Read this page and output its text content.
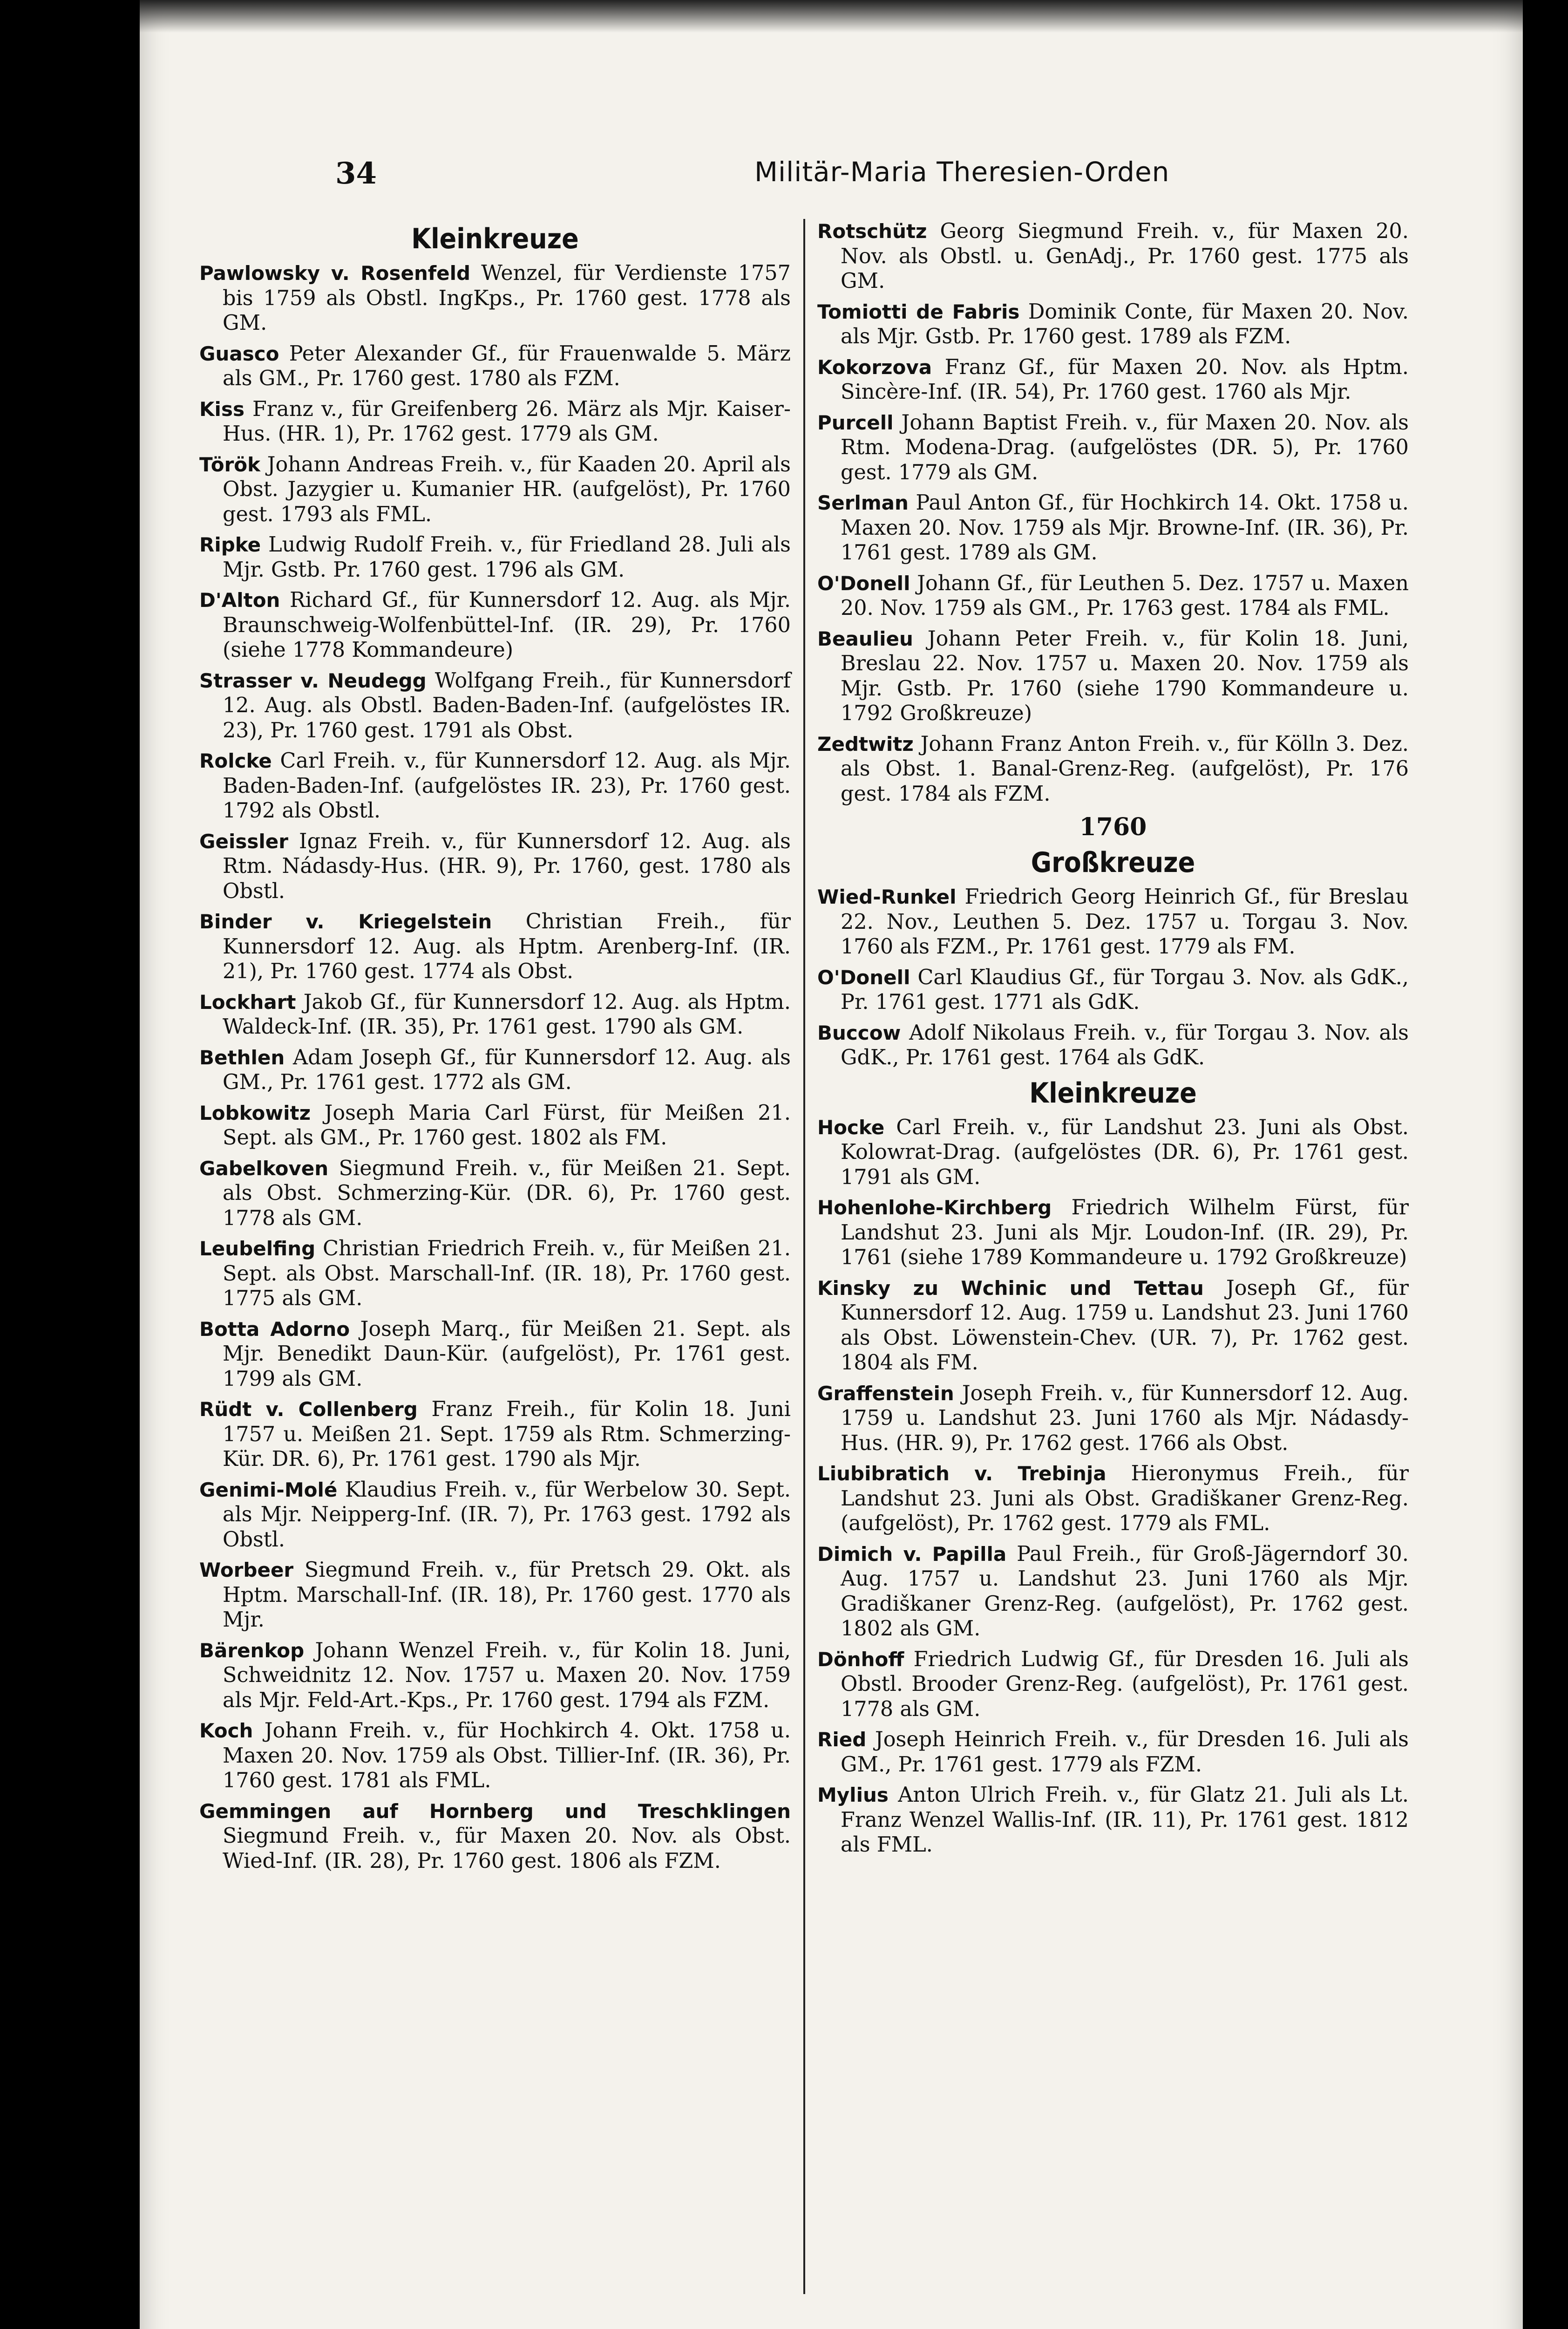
34	Militär-Maria Theresien-Orden
Kleinkreuze

Pawlowsky v. Rosenfeld Wenzel, für Verdienste 1757 bis 1759 als Obstl. IngKps., Pr. 1760 gest. 1778 als GM.

Guasco Peter Alexander Gf., für Frauenwalde 5. März als GM., Pr. 1760 gest. 1780 als FZM.

Kiss Franz v., für Greifenberg 26. März als Mjr. Kaiser-Hus. (HR. 1), Pr. 1762 gest. 1779 als GM.

Török Johann Andreas Freih. v., für Kaaden 20. April als Obst. Jazygier u. Kumanier HR. (aufgelöst), Pr. 1760 gest. 1793 als FML.

Ripke Ludwig Rudolf Freih. v., für Friedland 28. Juli als Mjr. Gstb. Pr. 1760 gest. 1796 als GM.

D'Alton Richard Gf., für Kunnersdorf 12. Aug. als Mjr. Braunschweig-Wolfenbüttel-Inf. (IR. 29), Pr. 1760 (siehe 1778 Kommandeure)

Strasser v. Neudegg Wolfgang Freih., für Kunnersdorf 12. Aug. als Obstl. Baden-Baden-Inf. (aufgelöstes IR. 23), Pr. 1760 gest. 1791 als Obst.

Rolcke Carl Freih. v., für Kunnersdorf 12. Aug. als Mjr. Baden-Baden-Inf. (aufgelöstes IR. 23), Pr. 1760 gest. 1792 als Obstl.

Geissler Ignaz Freih. v., für Kunnersdorf 12. Aug. als Rtm. Nádasdy-Hus. (HR. 9), Pr. 1760, gest. 1780 als Obstl.

Binder v. Kriegelstein Christian Freih., für Kunnersdorf 12. Aug. als Hptm. Arenberg-Inf. (IR. 21), Pr. 1760 gest. 1774 als Obst.

Lockhart Jakob Gf., für Kunnersdorf 12. Aug. als Hptm. Waldeck-Inf. (IR. 35), Pr. 1761 gest. 1790 als GM.

Bethlen Adam Joseph Gf., für Kunnersdorf 12. Aug. als GM., Pr. 1761 gest. 1772 als GM.

Lobkowitz Joseph Maria Carl Fürst, für Meißen 21. Sept. als GM., Pr. 1760 gest. 1802 als FM.

Gabelkoven Siegmund Freih. v., für Meißen 21. Sept. als Obst. Schmerzing-Kür. (DR. 6), Pr. 1760 gest. 1778 als GM.

Leubelfing Christian Friedrich Freih. v., für Meißen 21. Sept. als Obst. Marschall-Inf. (IR. 18), Pr. 1760 gest. 1775 als GM.

Botta Adorno Joseph Marq., für Meißen 21. Sept. als Mjr. Benedikt Daun-Kür. (aufgelöst), Pr. 1761 gest. 1799 als GM.

Rüdt v. Collenberg Franz Freih., für Kolin 18. Juni 1757 u. Meißen 21. Sept. 1759 als Rtm. Schmerzing-Kür. DR. 6), Pr. 1761 gest. 1790 als Mjr.

Genimi-Molé Klaudius Freih. v., für Werbelow 30. Sept. als Mjr. Neipperg-Inf. (IR. 7), Pr. 1763 gest. 1792 als Obstl.

Worbeer Siegmund Freih. v., für Pretsch 29. Okt. als Hptm. Marschall-Inf. (IR. 18), Pr. 1760 gest. 1770 als Mjr.

Bärenkop Johann Wenzel Freih. v., für Kolin 18. Juni, Schweidnitz 12. Nov. 1757 u. Maxen 20. Nov. 1759 als Mjr. Feld-Art.-Kps., Pr. 1760 gest. 1794 als FZM.

Koch Johann Freih. v., für Hochkirch 4. Okt. 1758 u. Maxen 20. Nov. 1759 als Obst. Tillier-Inf. (IR. 36), Pr. 1760 gest. 1781 als FML.

Gemmingen auf Hornberg und Treschklingen Siegmund Freih. v., für Maxen 20. Nov. als Obst. Wied-Inf. (IR. 28), Pr. 1760 gest. 1806 als FZM.

Rotschütz Georg Siegmund Freih. v., für Maxen 20. Nov. als Obstl. u. GenAdj., Pr. 1760 gest. 1775 als GM.

Tomiotti de Fabris Dominik Conte, für Maxen 20. Nov. als Mjr. Gstb. Pr. 1760 gest. 1789 als FZM.

Kokorzova Franz Gf., für Maxen 20. Nov. als Hptm. Sincère-Inf. (IR. 54), Pr. 1760 gest. 1760 als Mjr.

Purcell Johann Baptist Freih. v., für Maxen 20. Nov. als Rtm. Modena-Drag. (aufgelöstes (DR. 5), Pr. 1760 gest. 1779 als GM.

Serlman Paul Anton Gf., für Hochkirch 14. Okt. 1758 u. Maxen 20. Nov. 1759 als Mjr. Browne-Inf. (IR. 36), Pr. 1761 gest. 1789 als GM.

O'Donell Johann Gf., für Leuthen 5. Dez. 1757 u. Maxen 20. Nov. 1759 als GM., Pr. 1763 gest. 1784 als FML.

Beaulieu Johann Peter Freih. v., für Kolin 18. Juni, Breslau 22. Nov. 1757 u. Maxen 20. Nov. 1759 als Mjr. Gstb. Pr. 1760 (siehe 1790 Kommandeure u. 1792 Großkreuze)

Zedtwitz Johann Franz Anton Freih. v., für Kölln 3. Dez. als Obst. 1. Banal-Grenz-Reg. (aufgelöst), Pr. 176 gest. 1784 als FZM.

1760
Großkreuze

Wied-Runkel Friedrich Georg Heinrich Gf., für Breslau 22. Nov., Leuthen 5. Dez. 1757 u. Torgau 3. Nov. 1760 als FZM., Pr. 1761 gest. 1779 als FM.

O'Donell Carl Klaudius Gf., für Torgau 3. Nov. als GdK., Pr. 1761 gest. 1771 als GdK.

Buccow Adolf Nikolaus Freih. v., für Torgau 3. Nov. als GdK., Pr. 1761 gest. 1764 als GdK.

Kleinkreuze

Hocke Carl Freih. v., für Landshut 23. Juni als Obst. Kolowrat-Drag. (aufgelöstes (DR. 6), Pr. 1761 gest. 1791 als GM.

Hohenlohe-Kirchberg Friedrich Wilhelm Fürst, für Landshut 23. Juni als Mjr. Loudon-Inf. (IR. 29), Pr. 1761 (siehe 1789 Kommandeure u. 1792 Großkreuze)

Kinsky zu Wchinic und Tettau Joseph Gf., für Kunnersdorf 12. Aug. 1759 u. Landshut 23. Juni 1760 als Obst. Löwenstein-Chev. (UR. 7), Pr. 1762 gest. 1804 als FM.

Graffenstein Joseph Freih. v., für Kunnersdorf 12. Aug. 1759 u. Landshut 23. Juni 1760 als Mjr. Nádasdy-Hus. (HR. 9), Pr. 1762 gest. 1766 als Obst.

Liubibratich v. Trebinja Hieronymus Freih., für Landshut 23. Juni als Obst. Gradiškaner Grenz-Reg. (aufgelöst), Pr. 1762 gest. 1779 als FML.

Dimich v. Papilla Paul Freih., für Groß-Jägerndorf 30. Aug. 1757 u. Landshut 23. Juni 1760 als Mjr. Gradiškaner Grenz-Reg. (aufgelöst), Pr. 1762 gest. 1802 als GM.

Dönhoff Friedrich Ludwig Gf., für Dresden 16. Juli als Obstl. Brooder Grenz-Reg. (aufgelöst), Pr. 1761 gest. 1778 als GM.

Ried Joseph Heinrich Freih. v., für Dresden 16. Juli als GM., Pr. 1761 gest. 1779 als FZM.

Mylius Anton Ulrich Freih. v., für Glatz 21. Juli als Lt. Franz Wenzel Wallis-Inf. (IR. 11), Pr. 1761 gest. 1812 als FML.
